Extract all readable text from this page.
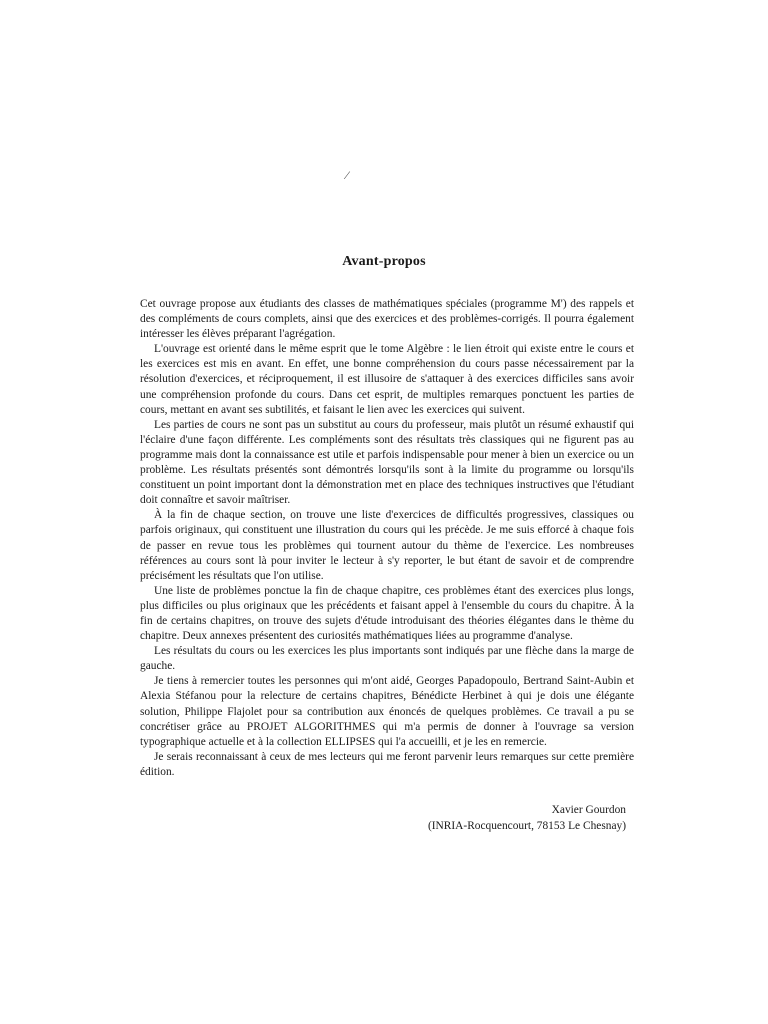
⁄
Avant-propos

Cet ouvrage propose aux étudiants des classes de mathématiques spéciales (programme M') des rappels et des compléments de cours complets, ainsi que des exercices et des problèmes-corrigés. Il pourra également intéresser les élèves préparant l'agrégation.

L'ouvrage est orienté dans le même esprit que le tome Algèbre : le lien étroit qui existe entre le cours et les exercices est mis en avant. En effet, une bonne compréhension du cours passe nécessairement par la résolution d'exercices, et réciproquement, il est illusoire de s'attaquer à des exercices difficiles sans avoir une compréhension profonde du cours. Dans cet esprit, de multiples remarques ponctuent les parties de cours, mettant en avant ses subtilités, et faisant le lien avec les exercices qui suivent.

Les parties de cours ne sont pas un substitut au cours du professeur, mais plutôt un résumé exhaustif qui l'éclaire d'une façon différente. Les compléments sont des résultats très classiques qui ne figurent pas au programme mais dont la connaissance est utile et parfois indispensable pour mener à bien un exercice ou un problème. Les résultats présentés sont démontrés lorsqu'ils sont à la limite du programme ou lorsqu'ils constituent un point important dont la démonstration met en place des techniques instructives que l'étudiant doit connaître et savoir maîtriser.

À la fin de chaque section, on trouve une liste d'exercices de difficultés progressives, classiques ou parfois originaux, qui constituent une illustration du cours qui les précède. Je me suis efforcé à chaque fois de passer en revue tous les problèmes qui tournent autour du thème de l'exercice. Les nombreuses références au cours sont là pour inviter le lecteur à s'y reporter, le but étant de savoir et de comprendre précisément les résultats que l'on utilise.

Une liste de problèmes ponctue la fin de chaque chapitre, ces problèmes étant des exercices plus longs, plus difficiles ou plus originaux que les précédents et faisant appel à l'ensemble du cours du chapitre. À la fin de certains chapitres, on trouve des sujets d'étude introduisant des théories élégantes dans le thème du chapitre. Deux annexes présentent des curiosités mathématiques liées au programme d'analyse.

Les résultats du cours ou les exercices les plus importants sont indiqués par une flèche dans la marge de gauche.

Je tiens à remercier toutes les personnes qui m'ont aidé, Georges Papadopoulo, Bertrand Saint-Aubin et Alexia Stéfanou pour la relecture de certains chapitres, Bénédicte Herbinet à qui je dois une élégante solution, Philippe Flajolet pour sa contribution aux énoncés de quelques problèmes. Ce travail a pu se concrétiser grâce au PROJET ALGORITHMES qui m'a permis de donner à l'ouvrage sa version typographique actuelle et à la collection ELLIPSES qui l'a accueilli, et je les en remercie.

Je serais reconnaissant à ceux de mes lecteurs qui me feront parvenir leurs remarques sur cette première édition.

Xavier Gourdon
(INRIA-Rocquencourt, 78153 Le Chesnay)
